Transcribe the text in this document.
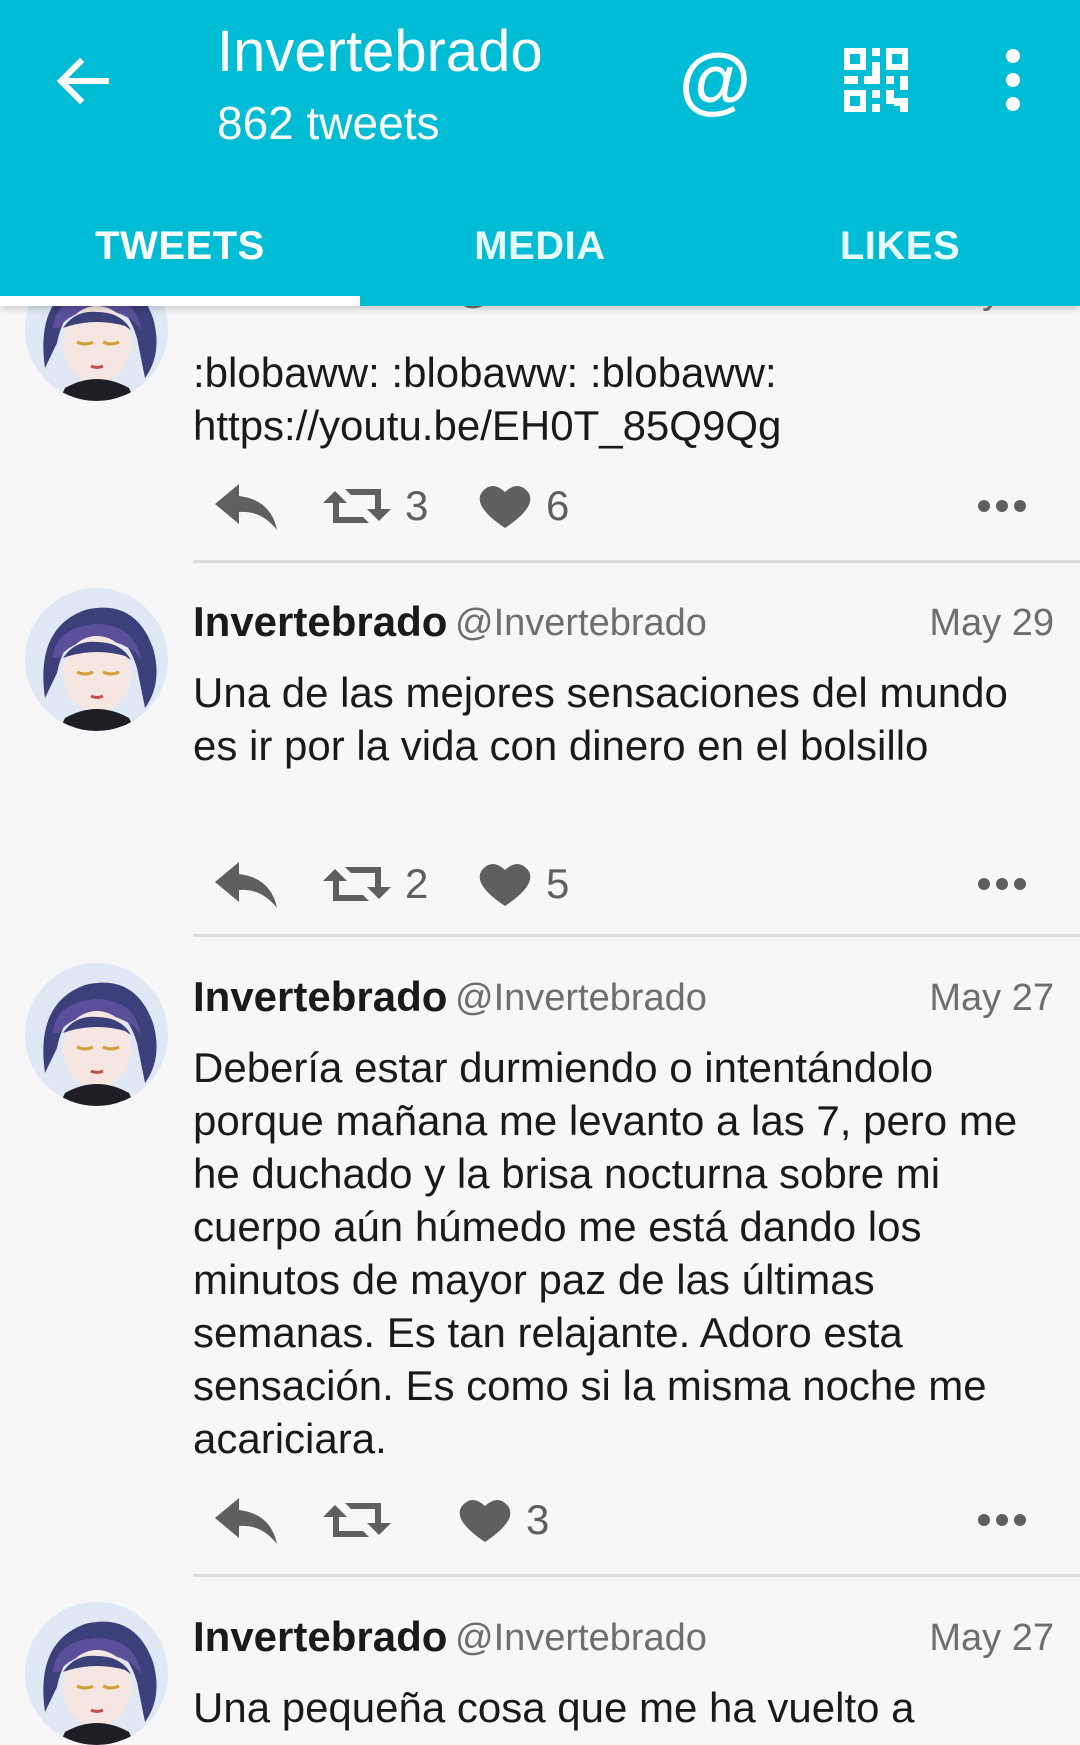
:blobaww: :blobaww: :blobaww: https://youtu.be/EH0T_85Q9Qg
3	6
Invertebrado @Invertebrado	May 29
Una de las mejores sensaciones del mundo es ir por la vida con dinero en el bolsillo
2	5
Invertebrado @Invertebrado	May 27
Debería estar durmiendo o intentándolo porque mañana me levanto a las 7, pero me he duchado y la brisa nocturna sobre mi cuerpo aún húmedo me está dando los minutos de mayor paz de las últimas semanas. Es tan relajante. Adoro esta sensación. Es como si la misma noche me acariciara.
3
Invertebrado @Invertebrado	May 27
Una pequeña cosa que me ha vuelto a
Invertebrado
862 tweets
@
TWEETS	MEDIA	LIKES
